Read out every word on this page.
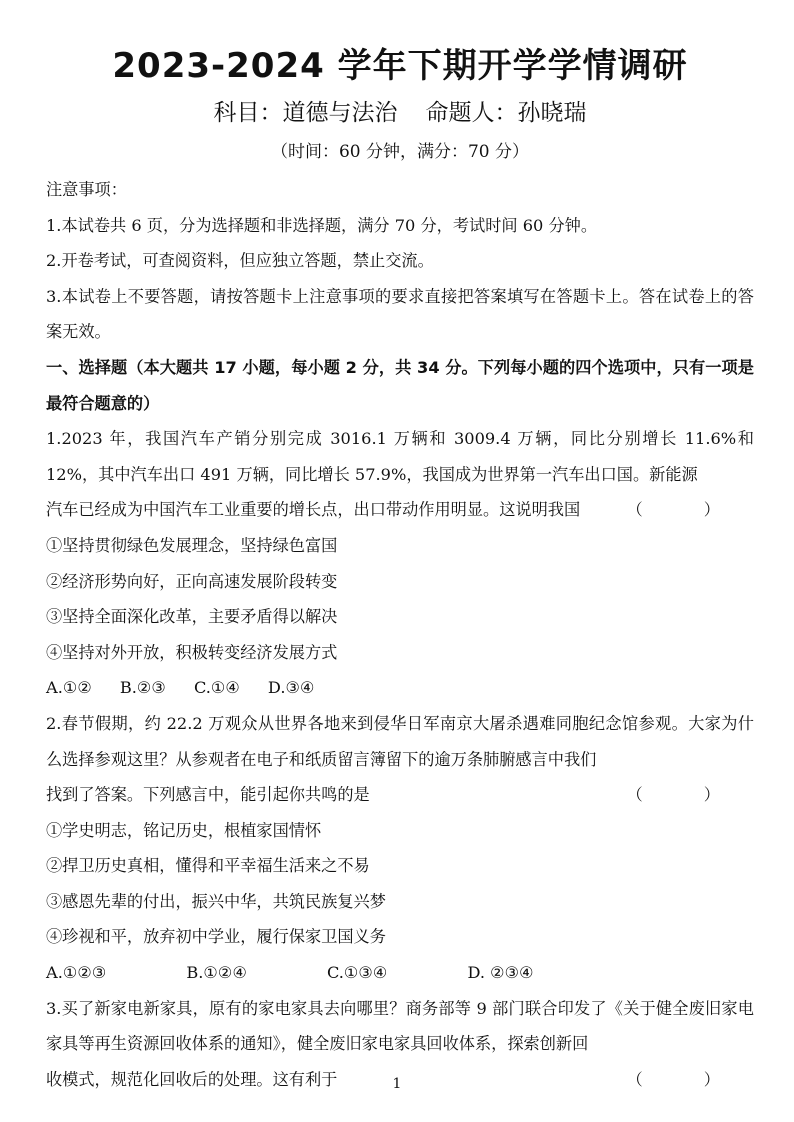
2023-2024 学年下期开学学情调研
科目：道德与法治 命题人：孙晓瑞
（时间：60 分钟，满分：70 分）
注意事项：
1.本试卷共 6 页，分为选择题和非选择题，满分 70 分，考试时间 60 分钟。
2.开卷考试，可查阅资料，但应独立答题，禁止交流。
3.本试卷上不要答题，请按答题卡上注意事项的要求直接把答案填写在答题卡上。答在试卷上的答案无效。
一、选择题（本大题共 17 小题，每小题 2 分，共 34 分。下列每小题的四个选项中，只有一项是最符合题意的）
1.2023 年，我国汽车产销分别完成 3016.1 万辆和 3009.4 万辆，同比分别增长 11.6%和 12%，其中汽车出口 491 万辆，同比增长 57.9%，我国成为世界第一汽车出口国。新能源
汽车已经成为中国汽车工业重要的增长点，出口带动作用明显。这说明我国	（ ）
①坚持贯彻绿色发展理念，坚持绿色富国
②经济形势向好，正向高速发展阶段转变
③坚持全面深化改革，主要矛盾得以解决
④坚持对外开放，积极转变经济发展方式
A.①② B.②③ C.①④ D.③④
2.春节假期，约 22.2 万观众从世界各地来到侵华日军南京大屠杀遇难同胞纪念馆参观。大家为什么选择参观这里？从参观者在电子和纸质留言簿留下的逾万条肺腑感言中我们
找到了答案。下列感言中，能引起你共鸣的是	（ ）
①学史明志，铭记历史，根植家国情怀
②捍卫历史真相，懂得和平幸福生活来之不易
③感恩先辈的付出，振兴中华，共筑民族复兴梦
④珍视和平，放弃初中学业，履行保家卫国义务
A.①②③	B.①②④	C.①③④	D. ②③④
3.买了新家电新家具，原有的家电家具去向哪里？商务部等 9 部门联合印发了《关于健全废旧家电家具等再生资源回收体系的通知》，健全废旧家电家具回收体系，探索创新回
收模式，规范化回收后的处理。这有利于	（ ）
1
